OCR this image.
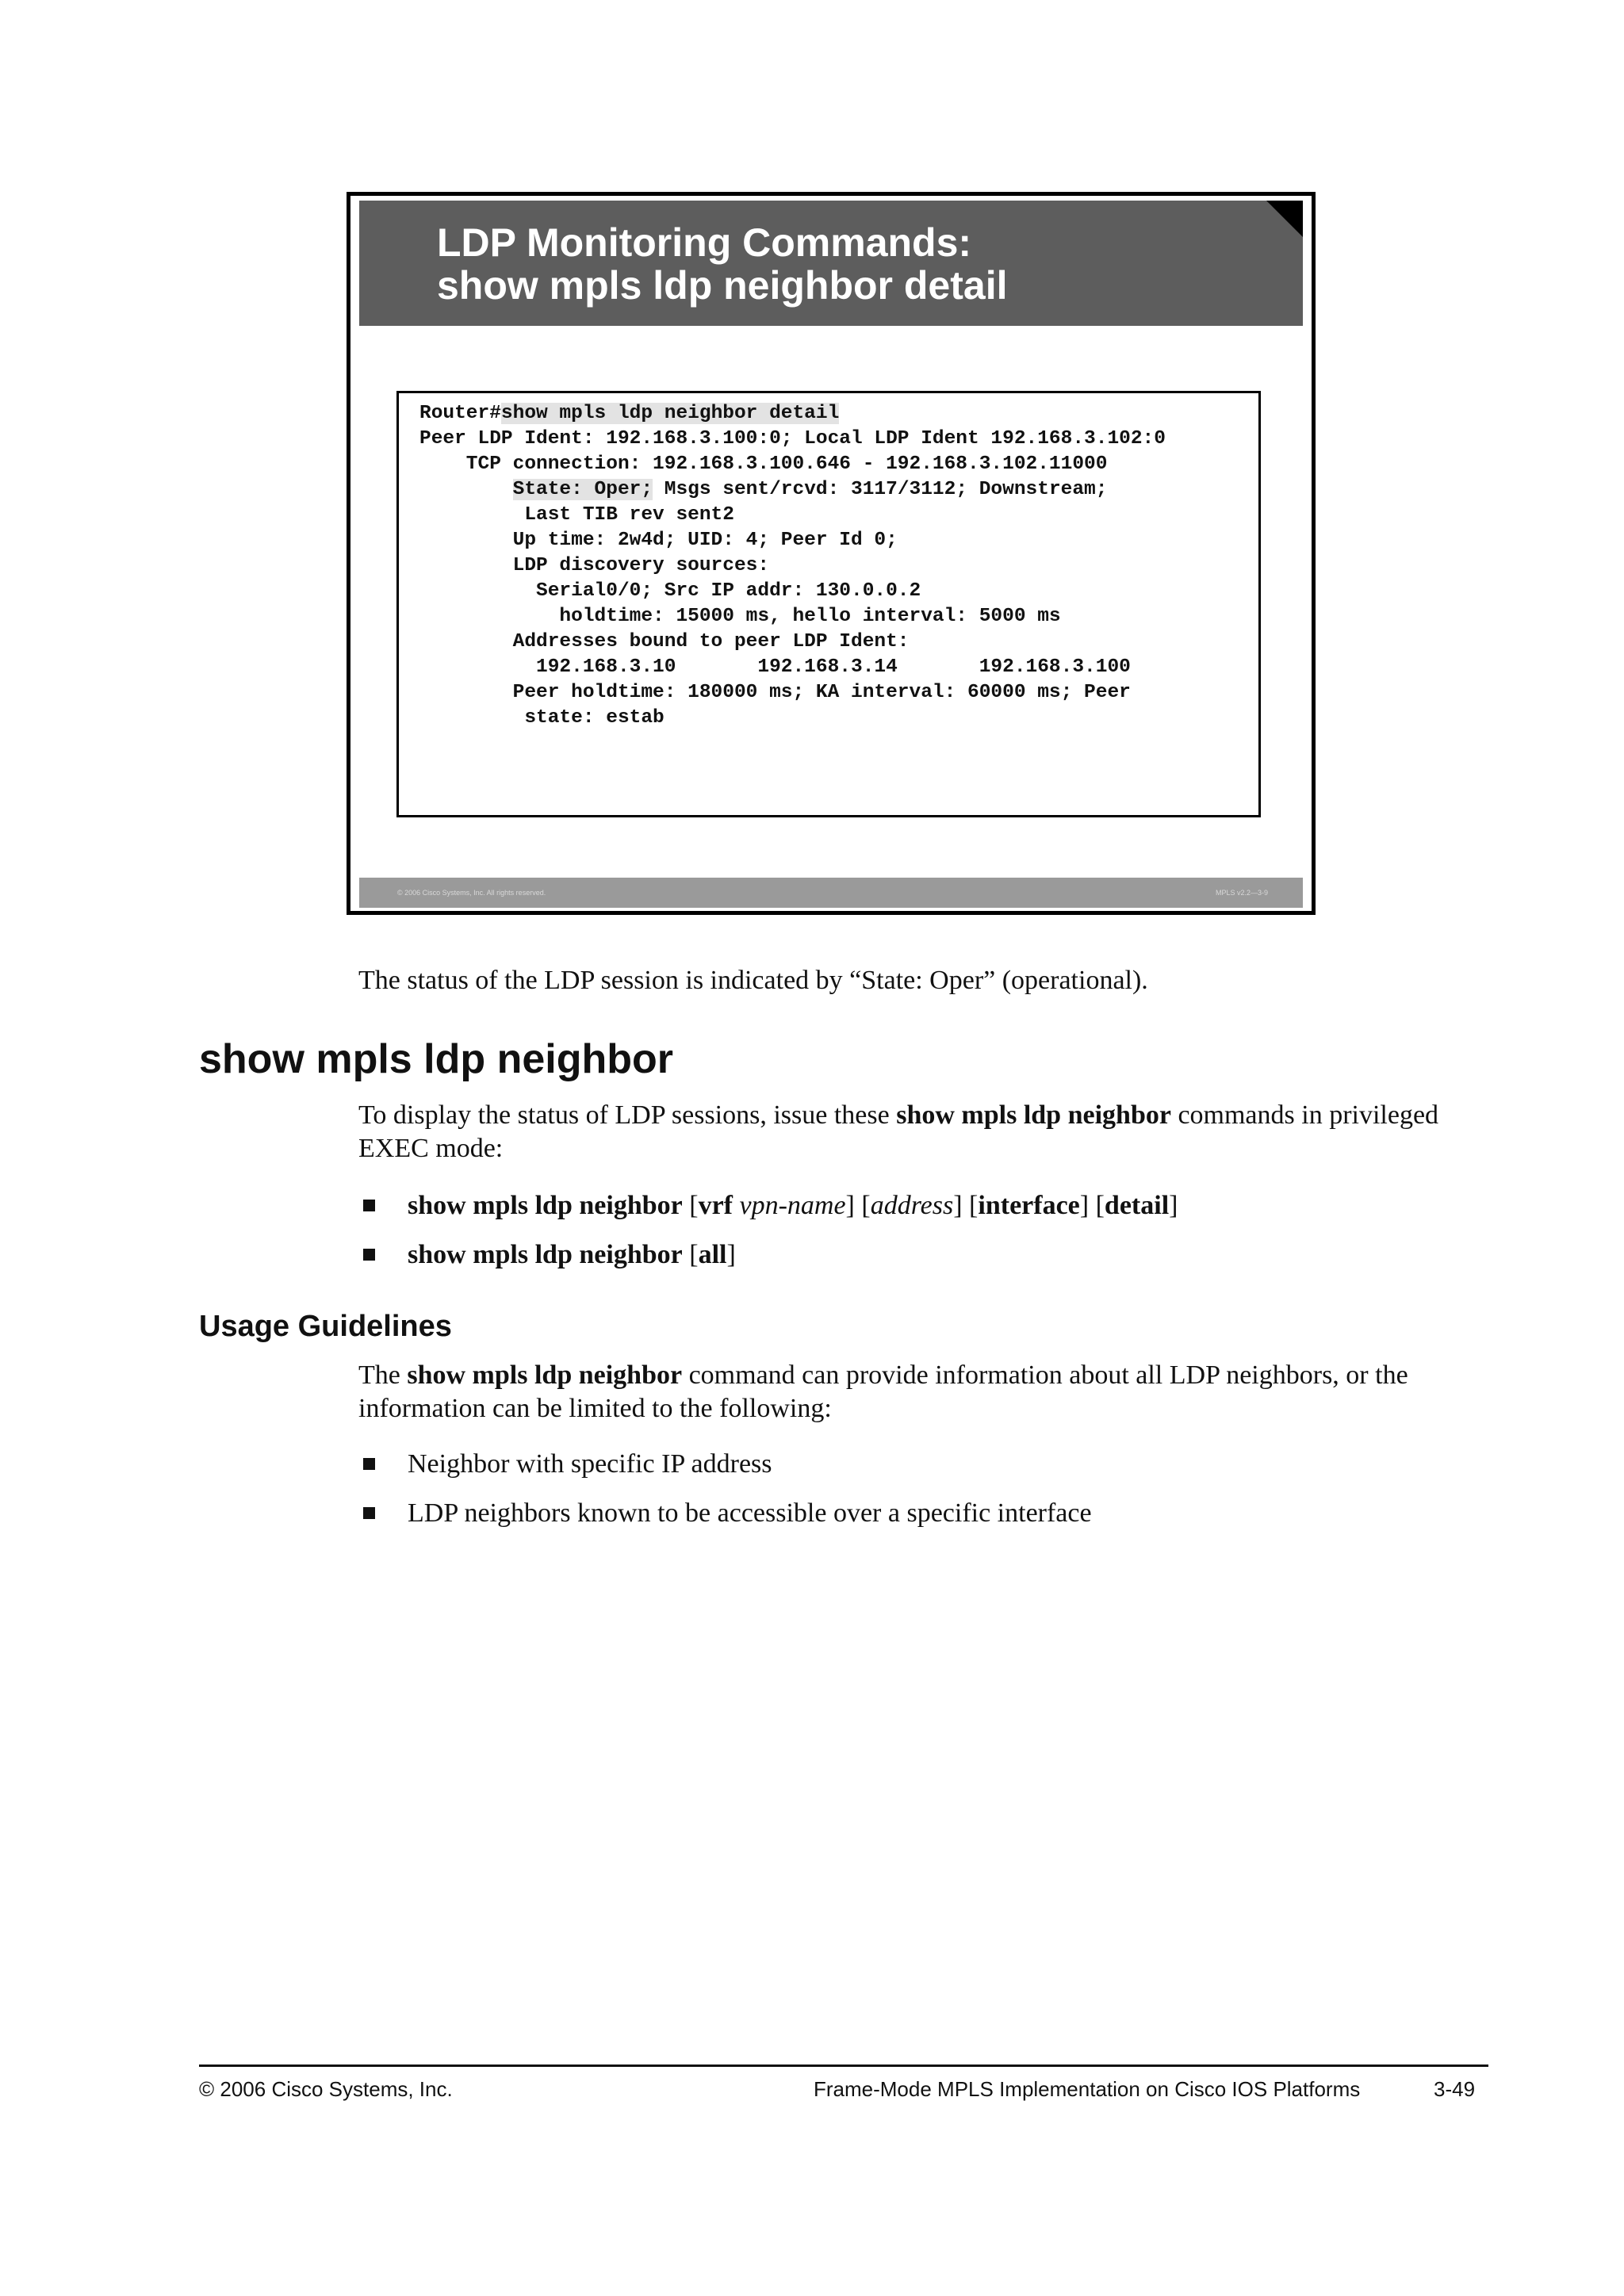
LDP Monitoring Commands:
show mpls ldp neighbor detail
Router#show mpls ldp neighbor detail
Peer LDP Ident: 192.168.3.100:0; Local LDP Ident 192.168.3.102:0
TCP connection: 192.168.3.100.646 - 192.168.3.102.11000
State: Oper; Msgs sent/rcvd: 3117/3112; Downstream;
Last TIB rev sent2
Up time: 2w4d; UID: 4; Peer Id 0;
LDP discovery sources:
Serial0/0; Src IP addr: 130.0.0.2
holdtime: 15000 ms, hello interval: 5000 ms
Addresses bound to peer LDP Ident:
192.168.3.10       192.168.3.14       192.168.3.100
Peer holdtime: 180000 ms; KA interval: 60000 ms; Peer
state: estab
© 2006 Cisco Systems, Inc. All rights reserved.	MPLS v2.2—3-9
The status of the LDP session is indicated by “State: Oper” (operational).
show mpls ldp neighbor
To display the status of LDP sessions, issue these show mpls ldp neighbor commands in privileged EXEC mode:
show mpls ldp neighbor [vrf vpn-name] [address] [interface] [detail]
show mpls ldp neighbor [all]
Usage Guidelines
The show mpls ldp neighbor command can provide information about all LDP neighbors, or the information can be limited to the following:
Neighbor with specific IP address
LDP neighbors known to be accessible over a specific interface
© 2006 Cisco Systems, Inc.	Frame-Mode MPLS Implementation on Cisco IOS Platforms	3-49
